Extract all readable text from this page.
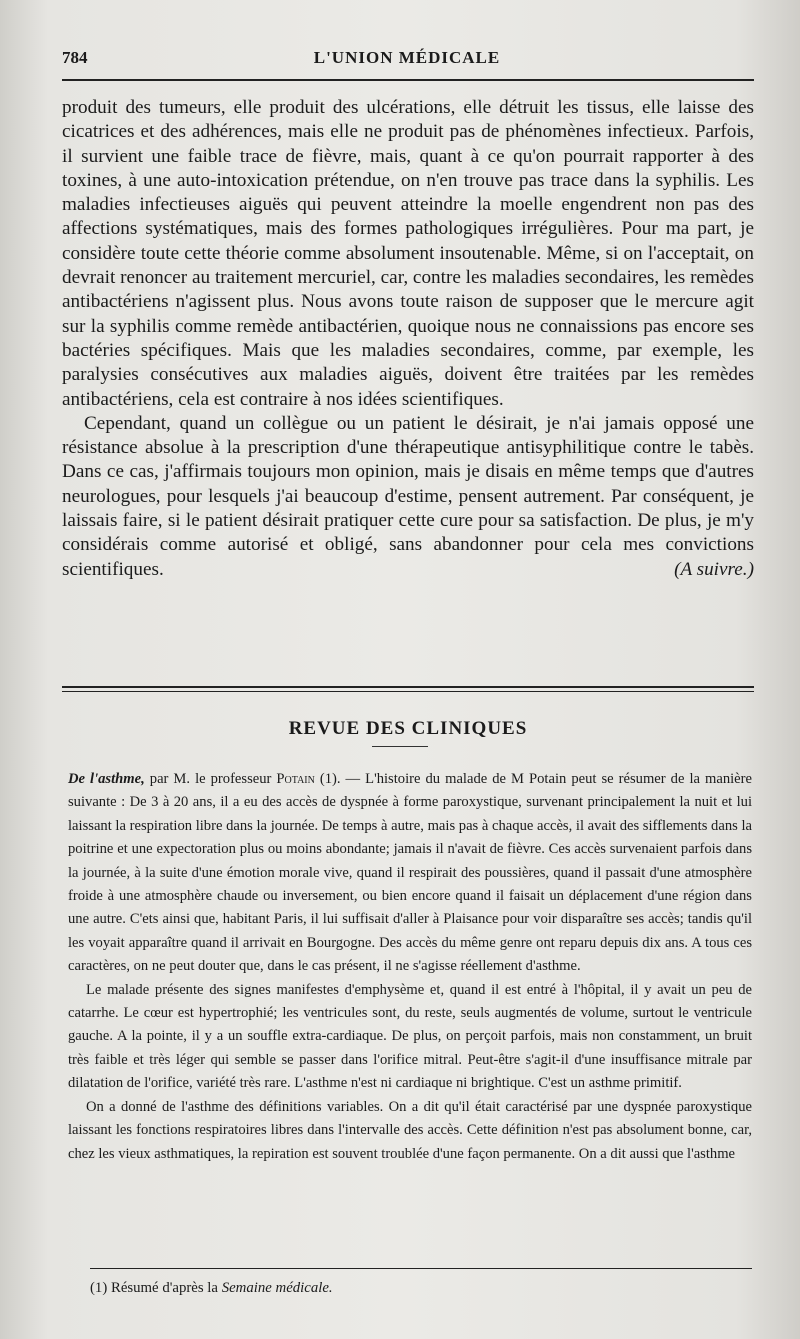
784	L'UNION MÉDICALE

produit des tumeurs, elle produit des ulcérations, elle détruit les tissus, elle laisse des cicatrices et des adhérences, mais elle ne produit pas de phénomènes infectieux. Parfois, il survient une faible trace de fièvre, mais, quant à ce qu'on pourrait rapporter à des toxines, à une auto-intoxication prétendue, on n'en trouve pas trace dans la syphilis. Les maladies infectieuses aiguës qui peuvent atteindre la moelle engendrent non pas des affections systématiques, mais des formes pathologiques irrégulières. Pour ma part, je considère toute cette théorie comme absolument insoutenable. Même, si on l'acceptait, on devrait renoncer au traitement mercuriel, car, contre les maladies secondaires, les remèdes antibactériens n'agissent plus. Nous avons toute raison de supposer que le mercure agit sur la syphilis comme remède antibactérien, quoique nous ne connaissions pas encore ses bactéries spécifiques. Mais que les maladies secondaires, comme, par exemple, les paralysies consécutives aux maladies aiguës, doivent être traitées par les remèdes antibactériens, cela est contraire à nos idées scientifiques.

Cependant, quand un collègue ou un patient le désirait, je n'ai jamais opposé une résistance absolue à la prescription d'une thérapeutique antisyphilitique contre le tabès. Dans ce cas, j'affirmais toujours mon opinion, mais je disais en même temps que d'autres neurologues, pour lesquels j'ai beaucoup d'estime, pensent autrement. Par conséquent, je laissais faire, si le patient désirait pratiquer cette cure pour sa satisfaction. De plus, je m'y considérais comme autorisé et obligé, sans abandonner pour cela mes convictions scientifiques.	(A suivre.)

REVUE DES CLINIQUES

De l'asthme, par M. le professeur Potain (1). — L'histoire du malade de M Potain peut se résumer de la manière suivante : De 3 à 20 ans, il a eu des accès de dyspnée à forme paroxystique, survenant principalement la nuit et lui laissant la respiration libre dans la journée. De temps à autre, mais pas à chaque accès, il avait des sifflements dans la poitrine et une expectoration plus ou moins abondante; jamais il n'avait de fièvre. Ces accès survenaient parfois dans la journée, à la suite d'une émotion morale vive, quand il respirait des poussières, quand il passait d'une atmosphère froide à une atmosphère chaude ou inversement, ou bien encore quand il faisait un déplacement d'une région dans une autre. C'ets ainsi que, habitant Paris, il lui suffisait d'aller à Plaisance pour voir disparaître ses accès; tandis qu'il les voyait apparaître quand il arrivait en Bourgogne. Des accès du même genre ont reparu depuis dix ans. A tous ces caractères, on ne peut douter que, dans le cas présent, il ne s'agisse réellement d'asthme.

Le malade présente des signes manifestes d'emphysème et, quand il est entré à l'hôpital, il y avait un peu de catarrhe. Le cœur est hypertrophié; les ventricules sont, du reste, seuls augmentés de volume, surtout le ventricule gauche. A la pointe, il y a un souffle extra-cardiaque. De plus, on perçoit parfois, mais non constamment, un bruit très faible et très léger qui semble se passer dans l'orifice mitral. Peut-être s'agit-il d'une insuffisance mitrale par dilatation de l'orifice, variété très rare. L'asthme n'est ni cardiaque ni brightique. C'est un asthme primitif.

On a donné de l'asthme des définitions variables. On a dit qu'il était caractérisé par une dyspnée paroxystique laissant les fonctions respiratoires libres dans l'intervalle des accès. Cette définition n'est pas absolument bonne, car, chez les vieux asthmatiques, la repiration est souvent troublée d'une façon permanente. On a dit aussi que l'asthme

(1) Résumé d'après la Semaine médicale.
